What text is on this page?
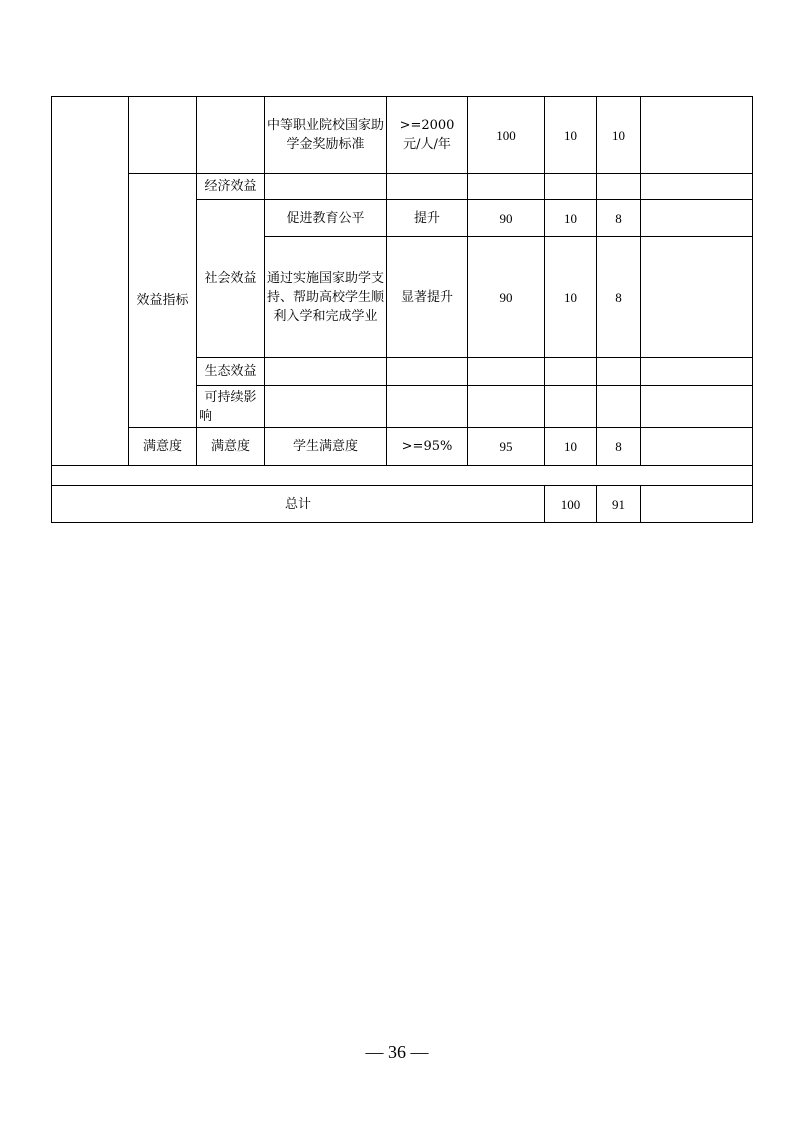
			中等职业院校国家助学金奖励标准	>=2000 元/人/年	100	10	10	
	效益指标	经济效益						
		社会效益	促进教育公平	提升	90	10	8	
			通过实施国家助学支持、帮助高校学生顺利入学和完成学业	显著提升	90	10	8	
		生态效益						
		可持续影响						
	满意度	满意度	学生满意度	>=95%	95	10	8	

总计						100	91	
— 36 —
